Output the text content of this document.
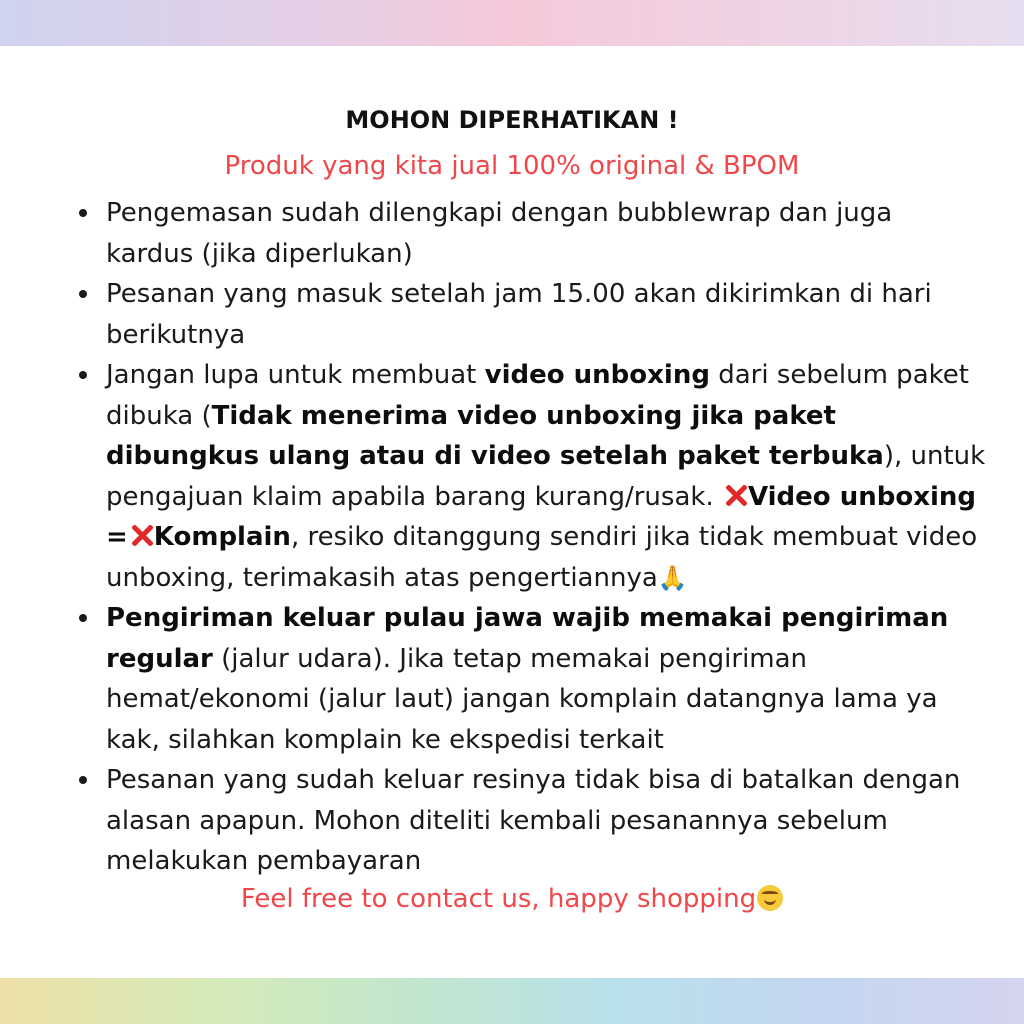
MOHON DIPERHATIKAN !

Produk yang kita jual 100% original & BPOM

Pengemasan sudah dilengkapi dengan bubblewrap dan juga kardus (jika diperlukan)
Pesanan yang masuk setelah jam 15.00 akan dikirimkan di hari berikutnya
Jangan lupa untuk membuat video unboxing dari sebelum paket dibuka (Tidak menerima video unboxing jika paket dibungkus ulang atau di video setelah paket terbuka), untuk pengajuan klaim apabila barang kurang/rusak. Video unboxing = Komplain, resiko ditanggung sendiri jika tidak membuat video unboxing, terimakasih atas pengertiannya🙏
Pengiriman keluar pulau jawa wajib memakai pengiriman regular (jalur udara). Jika tetap memakai pengiriman hemat/ekonomi (jalur laut) jangan komplain datangnya lama ya kak, silahkan komplain ke ekspedisi terkait
Pesanan yang sudah keluar resinya tidak bisa di batalkan dengan alasan apapun. Mohon diteliti kembali pesanannya sebelum melakukan pembayaran

Feel free to contact us, happy shopping
